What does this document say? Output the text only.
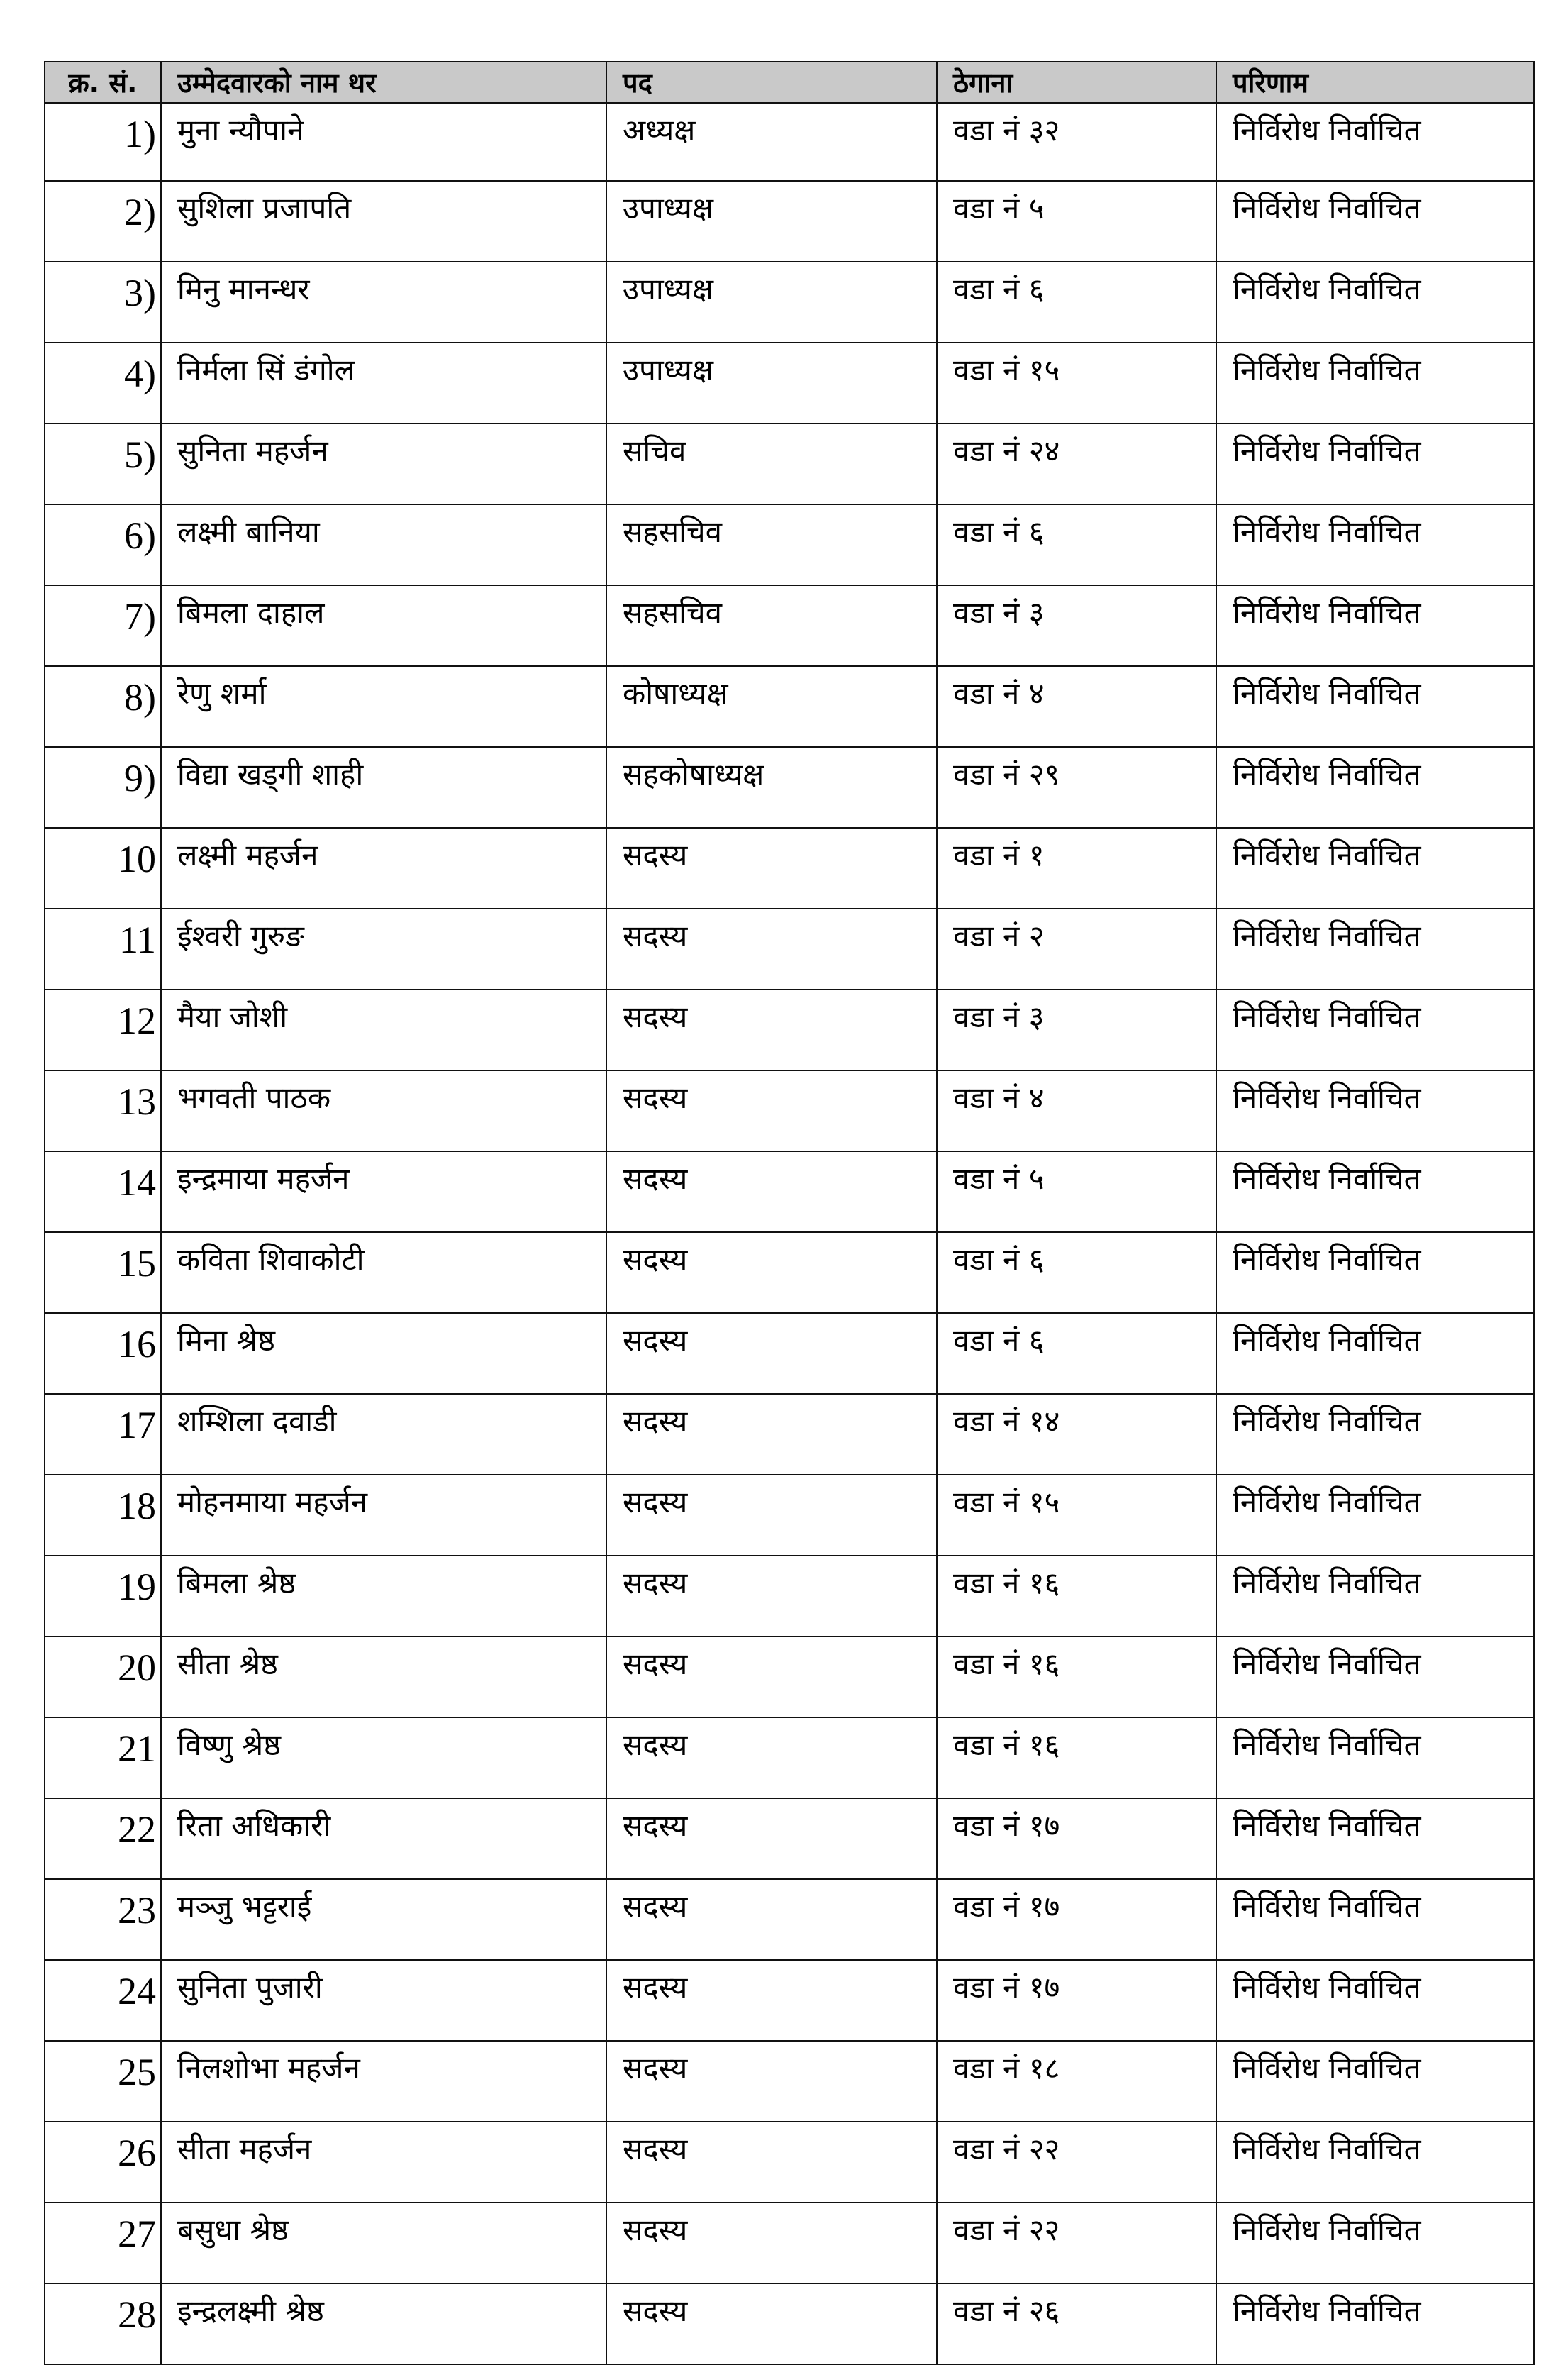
क्र. सं.	उम्मेदवारको नाम थर	पद	ठेगाना	परिणाम
1)	मुना न्यौपाने	अध्यक्ष	वडा नं ३२	निर्विरोध निर्वाचित
2)	सुशिला प्रजापति	उपाध्यक्ष	वडा नं ५	निर्विरोध निर्वाचित
3)	मिनु मानन्धर	उपाध्यक्ष	वडा नं ६	निर्विरोध निर्वाचित
4)	निर्मला सिं डंगोल	उपाध्यक्ष	वडा नं १५	निर्विरोध निर्वाचित
5)	सुनिता महर्जन	सचिव	वडा नं २४	निर्विरोध निर्वाचित
6)	लक्ष्मी बानिया	सहसचिव	वडा नं ६	निर्विरोध निर्वाचित
7)	बिमला दाहाल	सहसचिव	वडा नं ३	निर्विरोध निर्वाचित
8)	रेणु शर्मा	कोषाध्यक्ष	वडा नं ४	निर्विरोध निर्वाचित
9)	विद्या खड्गी शाही	सहकोषाध्यक्ष	वडा नं २९	निर्विरोध निर्वाचित
10	लक्ष्मी महर्जन	सदस्य	वडा नं १	निर्विरोध निर्वाचित
11	ईश्वरी गुरुङ	सदस्य	वडा नं २	निर्विरोध निर्वाचित
12	मैया जोशी	सदस्य	वडा नं ३	निर्विरोध निर्वाचित
13	भगवती पाठक	सदस्य	वडा नं ४	निर्विरोध निर्वाचित
14	इन्द्रमाया महर्जन	सदस्य	वडा नं ५	निर्विरोध निर्वाचित
15	कविता शिवाकोटी	सदस्य	वडा नं ६	निर्विरोध निर्वाचित
16	मिना श्रेष्ठ	सदस्य	वडा नं ६	निर्विरोध निर्वाचित
17	शम्शिला दवाडी	सदस्य	वडा नं १४	निर्विरोध निर्वाचित
18	मोहनमाया महर्जन	सदस्य	वडा नं १५	निर्विरोध निर्वाचित
19	बिमला श्रेष्ठ	सदस्य	वडा नं १६	निर्विरोध निर्वाचित
20	सीता श्रेष्ठ	सदस्य	वडा नं १६	निर्विरोध निर्वाचित
21	विष्णु श्रेष्ठ	सदस्य	वडा नं १६	निर्विरोध निर्वाचित
22	रिता अधिकारी	सदस्य	वडा नं १७	निर्विरोध निर्वाचित
23	मञ्जु भट्टराई	सदस्य	वडा नं १७	निर्विरोध निर्वाचित
24	सुनिता पुजारी	सदस्य	वडा नं १७	निर्विरोध निर्वाचित
25	निलशोभा महर्जन	सदस्य	वडा नं १८	निर्विरोध निर्वाचित
26	सीता महर्जन	सदस्य	वडा नं २२	निर्विरोध निर्वाचित
27	बसुधा श्रेष्ठ	सदस्य	वडा नं २२	निर्विरोध निर्वाचित
28	इन्द्रलक्ष्मी श्रेष्ठ	सदस्य	वडा नं २६	निर्विरोध निर्वाचित
